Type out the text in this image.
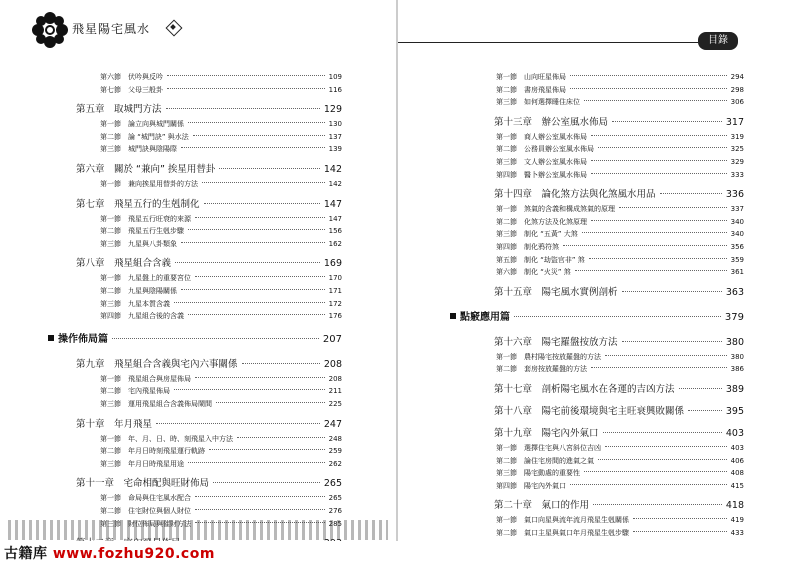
飛星陽宅風水
第六節　伏吟與反吟	109
第七節　父母三般卦	116
第五章　取城門方法	129
第一節　論立向與城門關係	130
第二節　論 “城門訣” 與水法	137
第三節　城門訣與陰陽際	139
第六章　關於 “兼向” 挨星用替卦	142
第一節　兼向挨星用替卦的方法	142
第七章　飛星五行的生剋制化	147
第一節　飛星五行旺衰的來源	147
第二節　飛星五行生剋步驟	156
第三節　九星與八卦類象	162
第八章　飛星組合含義	169
第一節　九星盤上的重要宮位	170
第二節　九星與陰陽關係	171
第三節　九星本質含義	172
第四節　九星組合後的含義	176
操作佈局篇	207
第九章　飛星組合含義與宅內六事關係	208
第一節　飛星組合與房屋佈局	208
第二節　宅內飛星佈局	211
第三節　運用飛星組合含義佈局鬧間	225
第十章　年月飛星	247
第一節　年、月、日、時、刻飛星入中方法	248
第二節　年月日時刻飛星運行軌跡	259
第三節　年月日時飛星用途	262
第十一章　宅命相配與旺財佈局	265
第一節　命局與住宅風水配合	265
第二節　住宅財位與個人財位	276
第三節　財位佈局與催財方法	285
第一節　山向旺星佈局	294
第二節　書房飛星佈局	298
第三節　如何選擇睡住床位	306
第十三章　辦公室風水佈局	317
第一節　商人辦公室風水佈局	319
第二節　公務員辦公室風水佈局	325
第三節　文人辦公室風水佈局	329
第四節　醫卜辦公室風水佈局	333
第十四章　論化煞方法與化煞風水用品	336
第一節　煞氣的含義和構成煞氣的原理	337
第二節　化煞方法及化煞原理	340
第三節　制化 “五黃” 大煞	340
第四節　制化鸦符煞	356
第五節　制化 “劫盜官非” 煞	359
第六節　制化 “火災” 煞	361
第十五章　陽宅風水實例剖析	363
點竅應用篇	379
第十六章　陽宅羅盤按放方法	380
第一節　農村陽宅按放羅盤的方法	380
第二節　套房按放羅盤的方法	386
第十七章　剖析陽宅風水在各運的吉凶方法	389
第十八章　陽宅前後環境與宅主旺衰興敗關係	395
第十九章　陽宅內外氣口	403
第一節　選擇住宅與八宮斜位吉凶	403
第二節　論住宅房間的進氣之氣	406
第三節　陽宅動處的重要性	408
第四節　陽宅內外氣口	415
第二十章　氣口的作用	418
第一節　氣口向星與流年流月飛星生剋關係	419
第二節　氣口主星與氣口年月飛星生剋步驟	433
目錄
古籍库 www.fozhu920.com
